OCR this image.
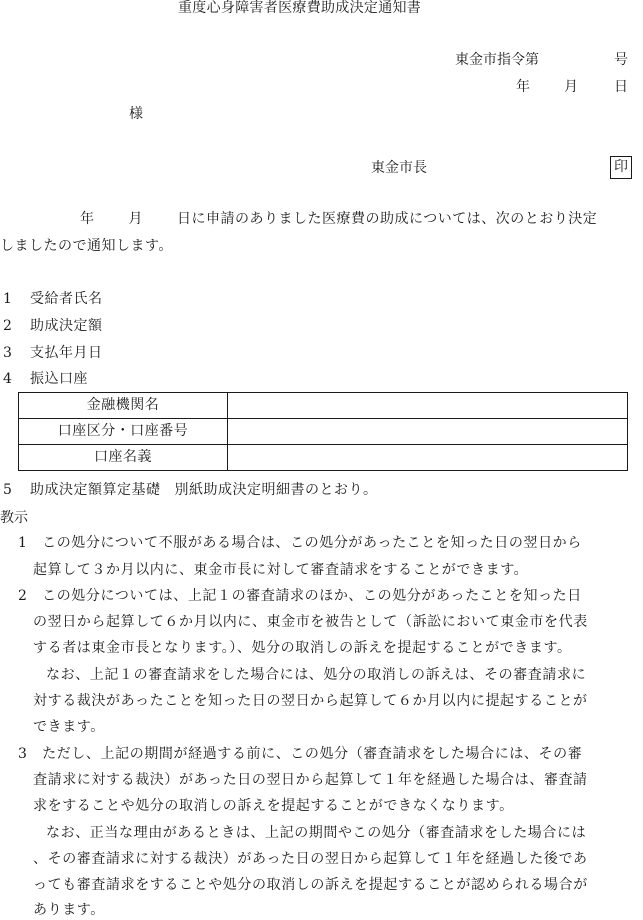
重度心身障害者医療費助成決定通知書
東金市指令第	号
年 月	日
様
東金市長	印
年 月 日に申請のありました医療費の助成については、次のとおり決定
しましたので通知します。
1 受給者氏名
2 助成決定額
3 支払年月日
4 振込口座
金融機関名	
口座区分・口座番号	
口座名義	
5 助成決定額算定基礎 別紙助成決定明細書のとおり。
教示
1　この処分について不服がある場合は、この処分があったことを知った日の翌日から
起算して３か月以内に、東金市長に対して審査請求をすることができます。
2　この処分については、上記１の審査請求のほか、この処分があったことを知った日
の翌日から起算して６か月以内に、東金市を被告として（訴訟において東金市を代表
する者は東金市長となります。）、処分の取消しの訴えを提起することができます。
なお、上記１の審査請求をした場合には、処分の取消しの訴えは、その審査請求に
対する裁決があったことを知った日の翌日から起算して６か月以内に提起することが
できます。
3　ただし、上記の期間が経過する前に、この処分（審査請求をした場合には、その審
査請求に対する裁決）があった日の翌日から起算して１年を経過した場合は、審査請
求をすることや処分の取消しの訴えを提起することができなくなります。
なお、正当な理由があるときは、上記の期間やこの処分（審査請求をした場合には
、その審査請求に対する裁決）があった日の翌日から起算して１年を経過した後であ
っても審査請求をすることや処分の取消しの訴えを提起することが認められる場合が
あります。
